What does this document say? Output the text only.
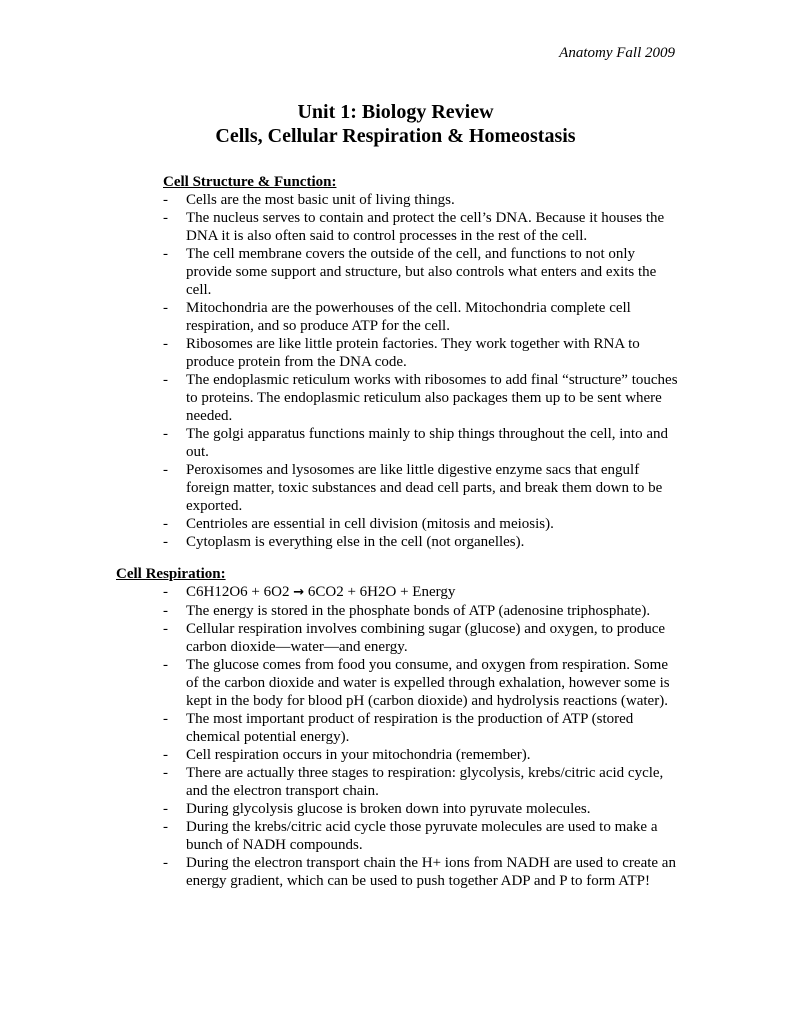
Anatomy Fall 2009
Unit 1: Biology Review
Cells, Cellular Respiration & Homeostasis
Cell Structure & Function:
- Cells are the most basic unit of living things.
- The nucleus serves to contain and protect the cell’s DNA. Because it houses the DNA it is also often said to control processes in the rest of the cell.
- The cell membrane covers the outside of the cell, and functions to not only provide some support and structure, but also controls what enters and exits the cell.
- Mitochondria are the powerhouses of the cell. Mitochondria complete cell respiration, and so produce ATP for the cell.
- Ribosomes are like little protein factories. They work together with RNA to produce protein from the DNA code.
- The endoplasmic reticulum works with ribosomes to add final “structure” touches to proteins. The endoplasmic reticulum also packages them up to be sent where needed.
- The golgi apparatus functions mainly to ship things throughout the cell, into and out.
- Peroxisomes and lysosomes are like little digestive enzyme sacs that engulf foreign matter, toxic substances and dead cell parts, and break them down to be exported.
- Centrioles are essential in cell division (mitosis and meiosis).
- Cytoplasm is everything else in the cell (not organelles).
Cell Respiration:
- C6H12O6 + 6O2 → 6CO2 + 6H2O + Energy
- The energy is stored in the phosphate bonds of ATP (adenosine triphosphate).
- Cellular respiration involves combining sugar (glucose) and oxygen, to produce carbon dioxide—water—and energy.
- The glucose comes from food you consume, and oxygen from respiration. Some of the carbon dioxide and water is expelled through exhalation, however some is kept in the body for blood pH (carbon dioxide) and hydrolysis reactions (water).
- The most important product of respiration is the production of ATP (stored chemical potential energy).
- Cell respiration occurs in your mitochondria (remember).
- There are actually three stages to respiration: glycolysis, krebs/citric acid cycle, and the electron transport chain.
- During glycolysis glucose is broken down into pyruvate molecules.
- During the krebs/citric acid cycle those pyruvate molecules are used to make a bunch of NADH compounds.
- During the electron transport chain the H+ ions from NADH are used to create an energy gradient, which can be used to push together ADP and P to form ATP!
